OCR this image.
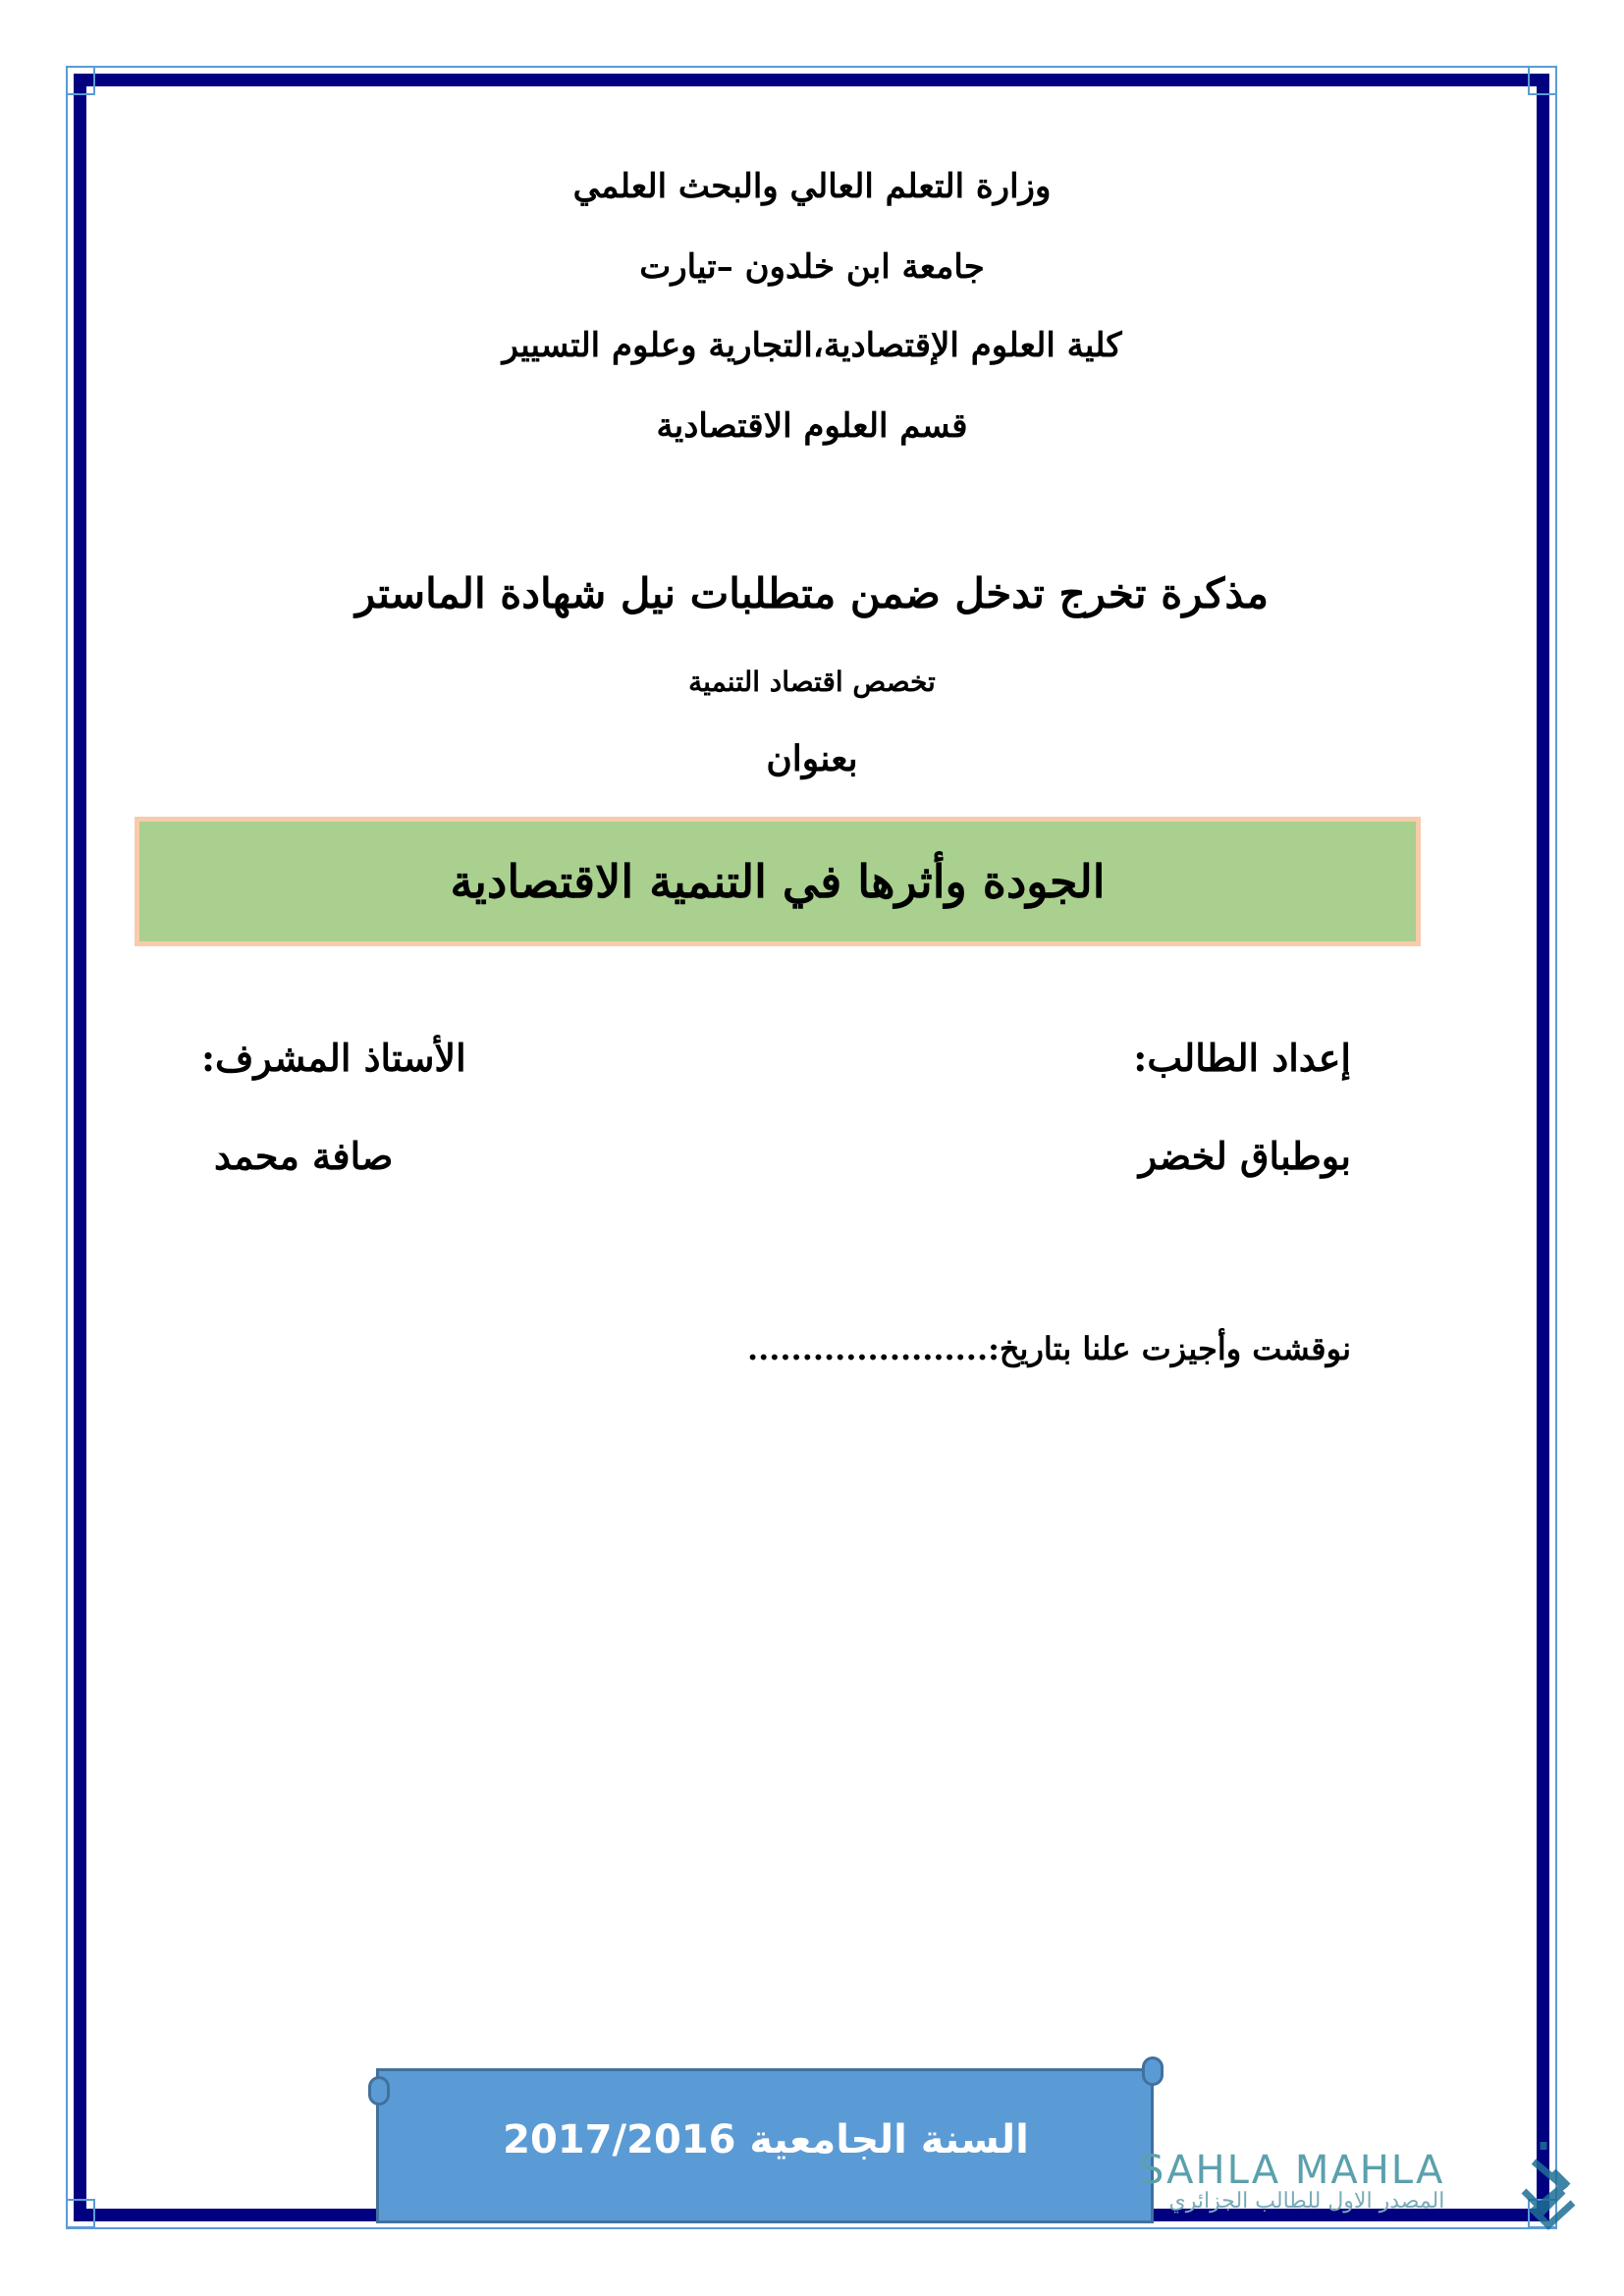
وزارة التعلم العالي والبحث العلمي
جامعة ابن خلدون –تيارت
كلية العلوم الإقتصادية،التجارية وعلوم التسيير
قسم العلوم الاقتصادية
مذكرة تخرج تدخل ضمن متطلبات نيل شهادة الماستر
تخصص اقتصاد التنمية
بعنوان
الجودة وأثرها في التنمية الاقتصادية
إعداد الطالب:
بوطباق لخضر
الأستاذ المشرف:
صافة محمد
نوقشت وأجيزت علنا بتاريخ:......................
السنة الجامعية 2017/2016
SAHLA MAHLA
المصدر الاول للطالب الجزائري
